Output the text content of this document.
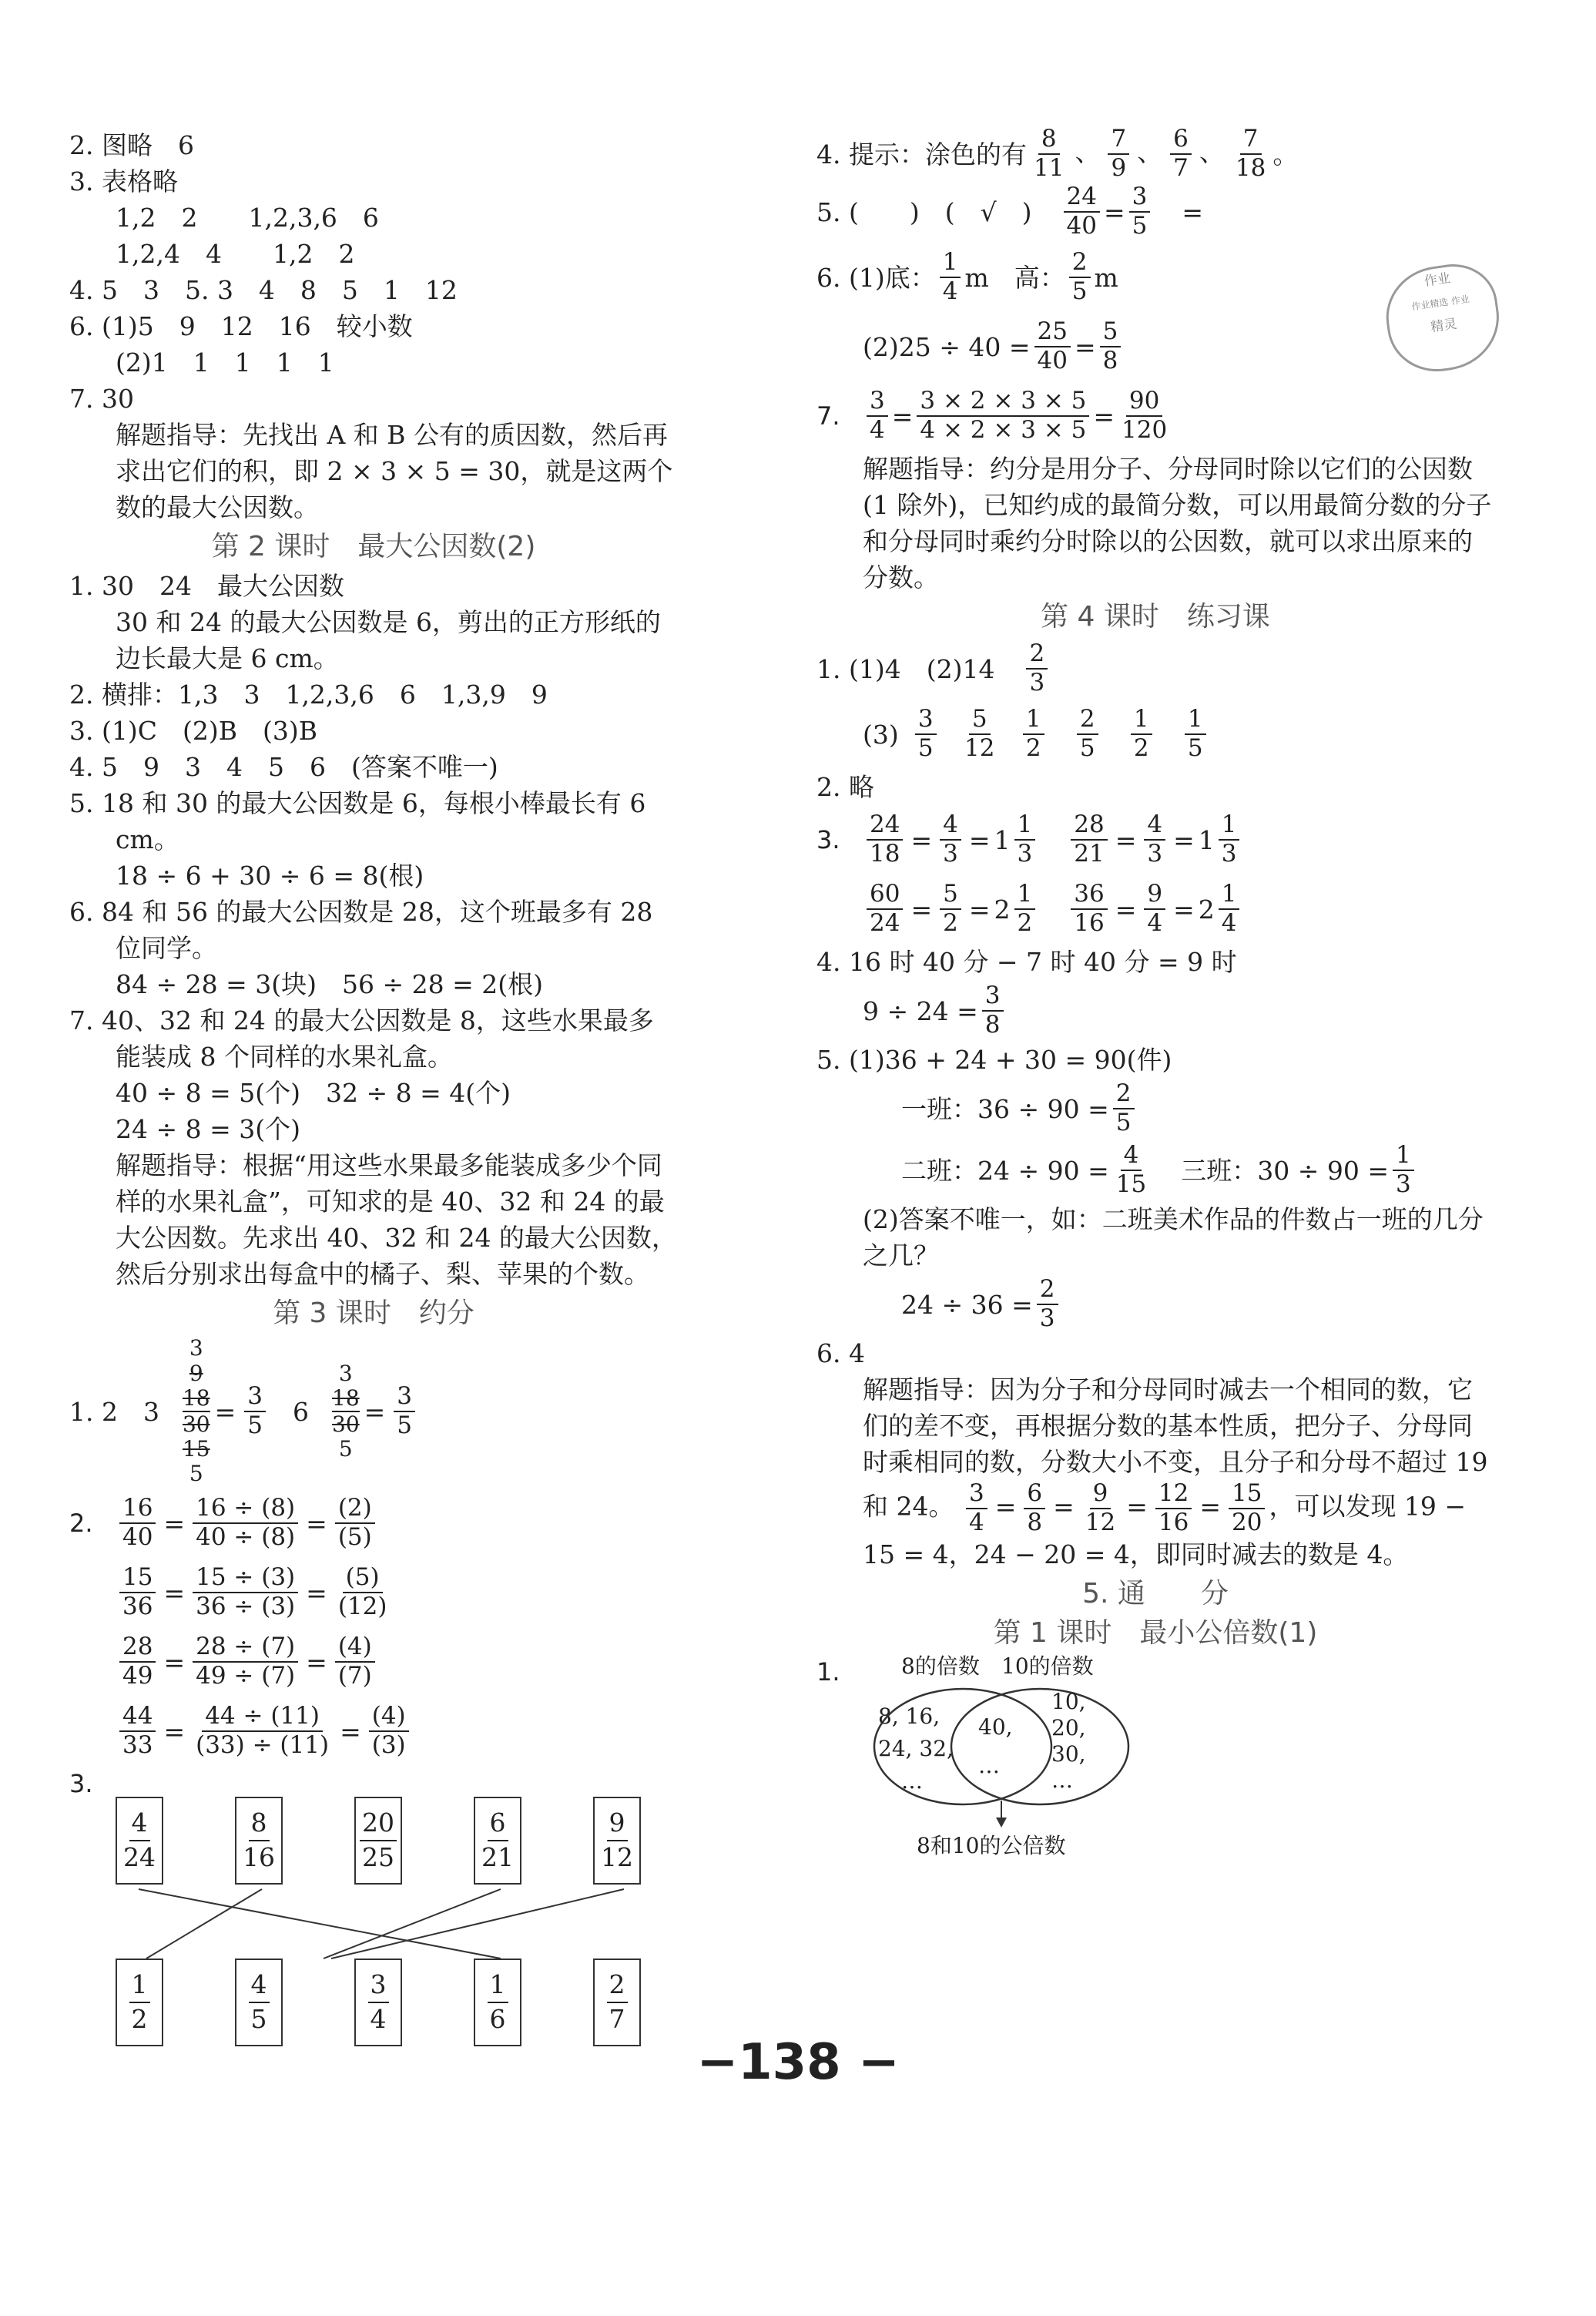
2. 图略　6
3. 表格略
1,2　2　　1,2,3,6　6
1,2,4　4　　1,2　2
4. 5　3　5. 3　4　8　5　1　12
6. (1)5　9　12　16　较小数
(2)1　1　1　1　1
7. 30
解题指导：先找出 A 和 B 公有的质因数，然后再求出它们的积，即 2 × 3 × 5 = 30，就是这两个数的最大公因数。
第 2 课时　最大公因数(2)
1. 30　24　最大公因数
30 和 24 的最大公因数是 6，剪出的正方形纸的边长最大是 6 cm。
2. 横排：1,3　3　1,2,3,6　6　1,3,9　9
3. (1)C　(2)B　(3)B
4. 5　9　3　4　5　6　(答案不唯一)
5. 18 和 30 的最大公因数是 6，每根小棒最长有 6 cm。
18 ÷ 6 + 30 ÷ 6 = 8(根)
6. 84 和 56 的最大公因数是 28，这个班最多有 28 位同学。
84 ÷ 28 = 3(块)　56 ÷ 28 = 2(根)
7. 40、32 和 24 的最大公因数是 8，这些水果最多能装成 8 个同样的水果礼盒。
40 ÷ 8 = 5(个)　32 ÷ 8 = 4(个)
24 ÷ 8 = 3(个)
解题指导：根据“用这些水果最多能装成多少个同样的水果礼盒”，可知求的是 40、32 和 24 的最大公因数。先求出 40、32 和 24 的最大公因数，然后分别求出每盒中的橘子、梨、苹果的个数。
第 3 课时　约分
1. 2　3
3
9
18
30
15
5
= $\frac{3}{5} 6$
3
18
30
5
= $\frac{3}{5}$
2.	$\frac{16}{40} = \frac{16 \div (8)}{40 \div (8)} = \frac{(2)}{(5)}$
$\frac{15}{36} = \frac{15 \div (3)}{36 \div (3)} = \frac{(5)}{(12)}$
$\frac{28}{49} = \frac{28 \div (7)}{49 \div (7)} = \frac{(4)}{(7)}$
$\frac{44}{33} = \frac{44 \div (11)}{(33) \div (11)} = \frac{(4)}{(3)}$
3.
4
24
8
16
20
25
6
21
9
12
1
2
4
5
3
4
1
6
2
7
4. 提示：涂色的有 $\frac{8}{11}$ 、 $\frac{7}{9}$ 、 $\frac{6}{7}$ 、 $\frac{7}{18}$ 。
5. (　　)　(　√　) $\frac{24}{40} = \frac{3}{5}$ =
6. (1)底： $\frac{1}{4}$ m　高： $\frac{2}{5}$ m
$(2)25 \div 40 = \frac{25}{40} = \frac{5}{8}$
7.	$\frac{3}{4} = \frac{3 \times 2 \times 3 \times 5}{4 \times 2 \times 3 \times 5} = \frac{90}{120}$
解题指导：约分是用分子、分母同时除以它们的公因数(1 除外)，已知约成的最简分数，可以用最简分数的分子和分母同时乘约分时除以的公因数，就可以求出原来的分数。
第 4 课时　练习课
1. (1)4　$(2)14 \frac{2}{3}$
$(3) \frac{3}{5} \frac{5}{12} \frac{1}{2} \frac{2}{5} \frac{1}{2} \frac{1}{5}$
2. 略
3.	$\frac{24}{18} = \frac{4}{3} = 1 \frac{1}{3} \frac{28}{21} = \frac{4}{3} = 1 \frac{1}{3}$
$\frac{60}{24} = \frac{5}{2} = 2 \frac{1}{2} \frac{36}{16} = \frac{9}{4} = 2 \frac{1}{4}$
4. 16 时 40 分 − 7 时 40 分 = 9 时
$9 \div 24 = \frac{3}{8}$
5. (1)36 + 24 + 30 = 90(件)
一班：$36 \div 90 = \frac{2}{5}$
二班：$24 \div 90 = \frac{4}{15}$ 三班：$30 \div 90 = \frac{1}{3}$
(2)答案不唯一，如：二班美术作品的件数占一班的几分之几？
$24 \div 36 = \frac{2}{3}$
6. 4
解题指导：因为分子和分母同时减去一个相同的数，它们的差不变，再根据分数的基本性质，把分子、分母同时乘相同的数，分数大小不变，且分子和分母不超过 19 和 24。 $\frac{3}{4} = \frac{6}{8} = \frac{9}{12} = \frac{12}{16} = \frac{15}{20}$ ，可以发现 19 − 15 = 4，24 − 20 = 4，即同时减去的数是 4。
5. 通　　分
第 1 课时　最小公倍数(1)
1.	8的倍数 10的倍数
8, 16,
24, 32,
…
40,
…
10,
20,
30,
…
8和10的公倍数
作业
作业精选 作业
精灵
−138 −
